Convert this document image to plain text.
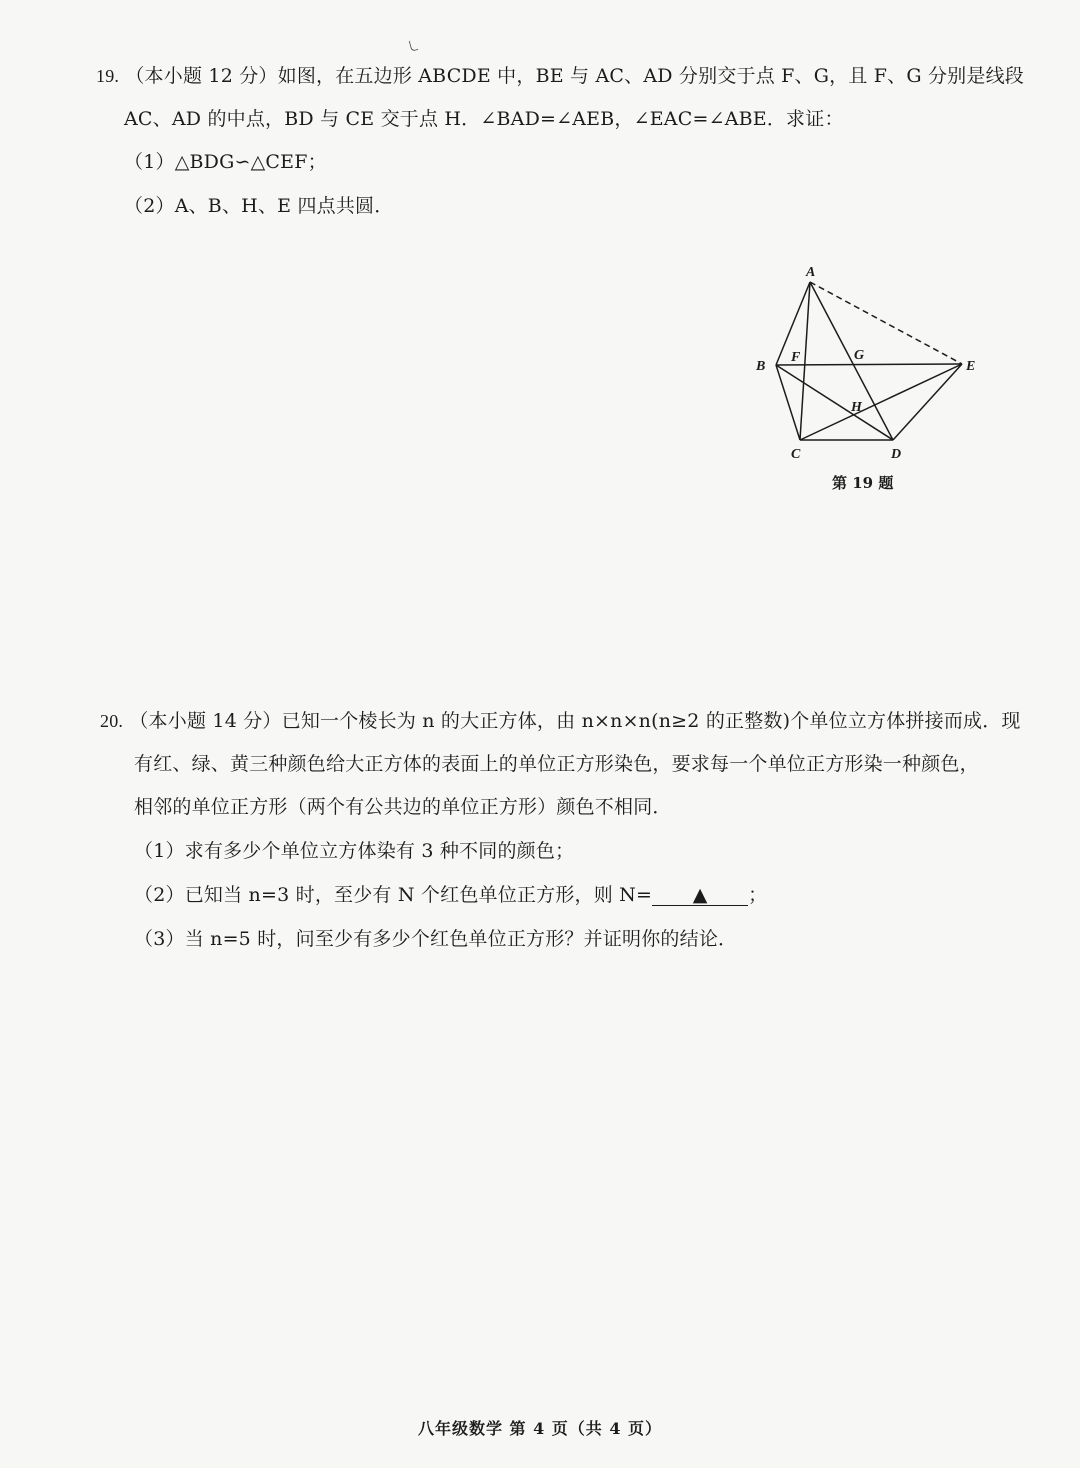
19. （本小题 12 分）如图，在五边形 ABCDE 中，BE 与 AC、AD 分别交于点 F、G，且 F、G 分别是线段
AC、AD 的中点，BD 与 CE 交于点 H．∠BAD=∠AEB，∠EAC=∠ABE．求证：
（1）△BDG∽△CEF；
（2）A、B、H、E 四点共圆．
A
B
C	D
E
F	G
H
第 19 题
20. （本小题 14 分）已知一个棱长为 n 的大正方体，由 n×n×n(n≥2 的正整数)个单位立方体拼接而成．现
有红、绿、黄三种颜色给大正方体的表面上的单位正方形染色，要求每一个单位正方形染一种颜色，
相邻的单位正方形（两个有公共边的单位正方形）颜色不相同．
（1）求有多少个单位立方体染有 3 种不同的颜色；
（2）已知当 n=3 时，至少有 N 个红色单位正方形，则 N= ▲ ；
（3）当 n=5 时，问至少有多少个红色单位正方形？并证明你的结论．
八年级数学 第 4 页（共 4 页）
